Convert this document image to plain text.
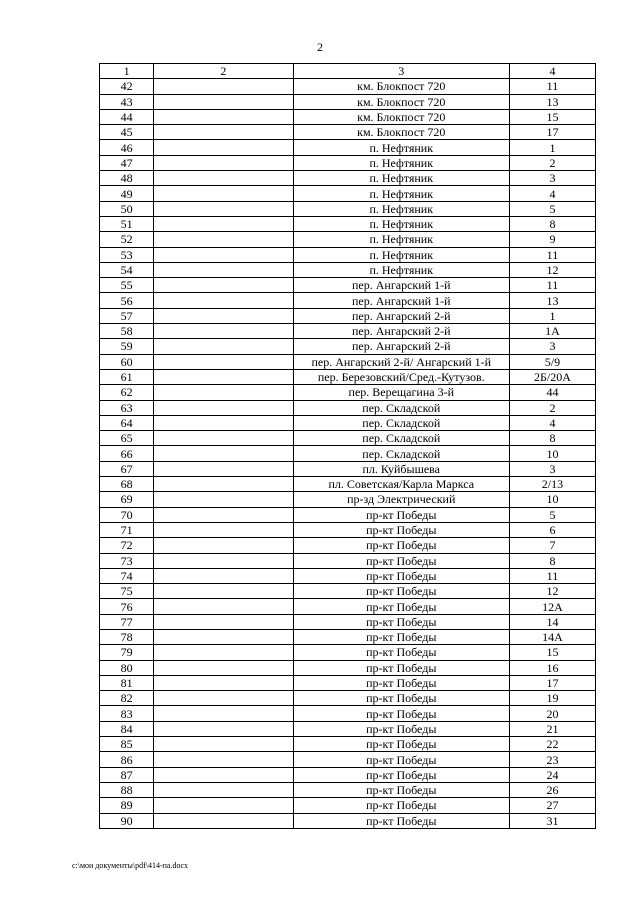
2
1	2	3	4
42		км. Блокпост 720	11
43		км. Блокпост 720	13
44		км. Блокпост 720	15
45		км. Блокпост 720	17
46		п. Нефтяник	1
47		п. Нефтяник	2
48		п. Нефтяник	3
49		п. Нефтяник	4
50		п. Нефтяник	5
51		п. Нефтяник	8
52		п. Нефтяник	9
53		п. Нефтяник	11
54		п. Нефтяник	12
55		пер. Ангарский 1-й	11
56		пер. Ангарский 1-й	13
57		пер. Ангарский 2-й	1
58		пер. Ангарский 2-й	1А
59		пер. Ангарский 2-й	3
60		пер. Ангарский 2-й/ Ангарский 1-й	5/9
61		пер. Березовский/Сред.-Кутузов.	2Б/20А
62		пер. Верещагина 3-й	44
63		пер. Складской	2
64		пер. Складской	4
65		пер. Складской	8
66		пер. Складской	10
67		пл. Куйбышева	3
68		пл. Советская/Карла Маркса	2/13
69		пр-зд Электрический	10
70		пр-кт Победы	5
71		пр-кт Победы	6
72		пр-кт Победы	7
73		пр-кт Победы	8
74		пр-кт Победы	11
75		пр-кт Победы	12
76		пр-кт Победы	12А
77		пр-кт Победы	14
78		пр-кт Победы	14А
79		пр-кт Победы	15
80		пр-кт Победы	16
81		пр-кт Победы	17
82		пр-кт Победы	19
83		пр-кт Победы	20
84		пр-кт Победы	21
85		пр-кт Победы	22
86		пр-кт Победы	23
87		пр-кт Победы	24
88		пр-кт Победы	26
89		пр-кт Победы	27
90		пр-кт Победы	31
c:\мои документы\pdf\414-па.docx
